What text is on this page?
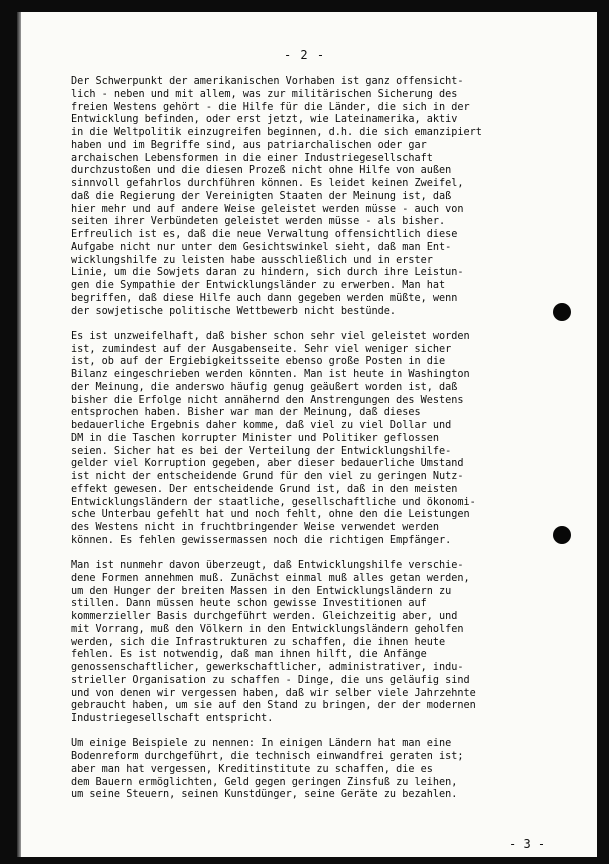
- 2 -
Der Schwerpunkt der amerikanischen Vorhaben ist ganz offensicht-
lich - neben und mit allem, was zur militärischen Sicherung des
freien Westens gehört - die Hilfe für die Länder, die sich in der
Entwicklung befinden, oder erst jetzt, wie Lateinamerika, aktiv
in die Weltpolitik einzugreifen beginnen, d.h. die sich emanzipiert
haben und im Begriffe sind, aus patriarchalischen oder gar
archaischen Lebensformen in die einer Industriegesellschaft
durchzustoßen und die diesen Prozeß nicht ohne Hilfe von außen
sinnvoll gefahrlos durchführen können. Es leidet keinen Zweifel,
daß die Regierung der Vereinigten Staaten der Meinung ist, daß
hier mehr und auf andere Weise geleistet werden müsse - auch von
seiten ihrer Verbündeten geleistet werden müsse - als bisher.
Erfreulich ist es, daß die neue Verwaltung offensichtlich diese
Aufgabe nicht nur unter dem Gesichtswinkel sieht, daß man Ent-
wicklungshilfe zu leisten habe ausschließlich und in erster
Linie, um die Sowjets daran zu hindern, sich durch ihre Leistun-
gen die Sympathie der Entwicklungsländer zu erwerben. Man hat
begriffen, daß diese Hilfe auch dann gegeben werden müßte, wenn
der sowjetische politische Wettbewerb nicht bestünde.
Es ist unzweifelhaft, daß bisher schon sehr viel geleistet worden
ist, zumindest auf der Ausgabenseite. Sehr viel weniger sicher
ist, ob auf der Ergiebigkeitsseite ebenso große Posten in die
Bilanz eingeschrieben werden könnten. Man ist heute in Washington
der Meinung, die anderswo häufig genug geäußert worden ist, daß
bisher die Erfolge nicht annähernd den Anstrengungen des Westens
entsprochen haben. Bisher war man der Meinung, daß dieses
bedauerliche Ergebnis daher komme, daß viel zu viel Dollar und
DM in die Taschen korrupter Minister und Politiker geflossen
seien. Sicher hat es bei der Verteilung der Entwicklungshilfe-
gelder viel Korruption gegeben, aber dieser bedauerliche Umstand
ist nicht der entscheidende Grund für den viel zu geringen Nutz-
effekt gewesen. Der entscheidende Grund ist, daß in den meisten
Entwicklungsländern der staatliche, gesellschaftliche und ökonomi-
sche Unterbau gefehlt hat und noch fehlt, ohne den die Leistungen
des Westens nicht in fruchtbringender Weise verwendet werden
können. Es fehlen gewissermassen noch die richtigen Empfänger.
Man ist nunmehr davon überzeugt, daß Entwicklungshilfe verschie-
dene Formen annehmen muß. Zunächst einmal muß alles getan werden,
um den Hunger der breiten Massen in den Entwicklungsländern zu
stillen. Dann müssen heute schon gewisse Investitionen auf
kommerzieller Basis durchgeführt werden. Gleichzeitig aber, und
mit Vorrang, muß den Völkern in den Entwicklungsländern geholfen
werden, sich die Infrastrukturen zu schaffen, die ihnen heute
fehlen. Es ist notwendig, daß man ihnen hilft, die Anfänge
genossenschaftlicher, gewerkschaftlicher, administrativer, indu-
strieller Organisation zu schaffen - Dinge, die uns geläufig sind
und von denen wir vergessen haben, daß wir selber viele Jahrzehnte
gebraucht haben, um sie auf den Stand zu bringen, der der modernen
Industriegesellschaft entspricht.
Um einige Beispiele zu nennen: In einigen Ländern hat man eine
Bodenreform durchgeführt, die technisch einwandfrei geraten ist;
aber man hat vergessen, Kreditinstitute zu schaffen, die es
dem Bauern ermöglichten, Geld gegen geringen Zinsfuß zu leihen,
um seine Steuern, seinen Kunstdünger, seine Geräte zu bezahlen.
- 3 -
